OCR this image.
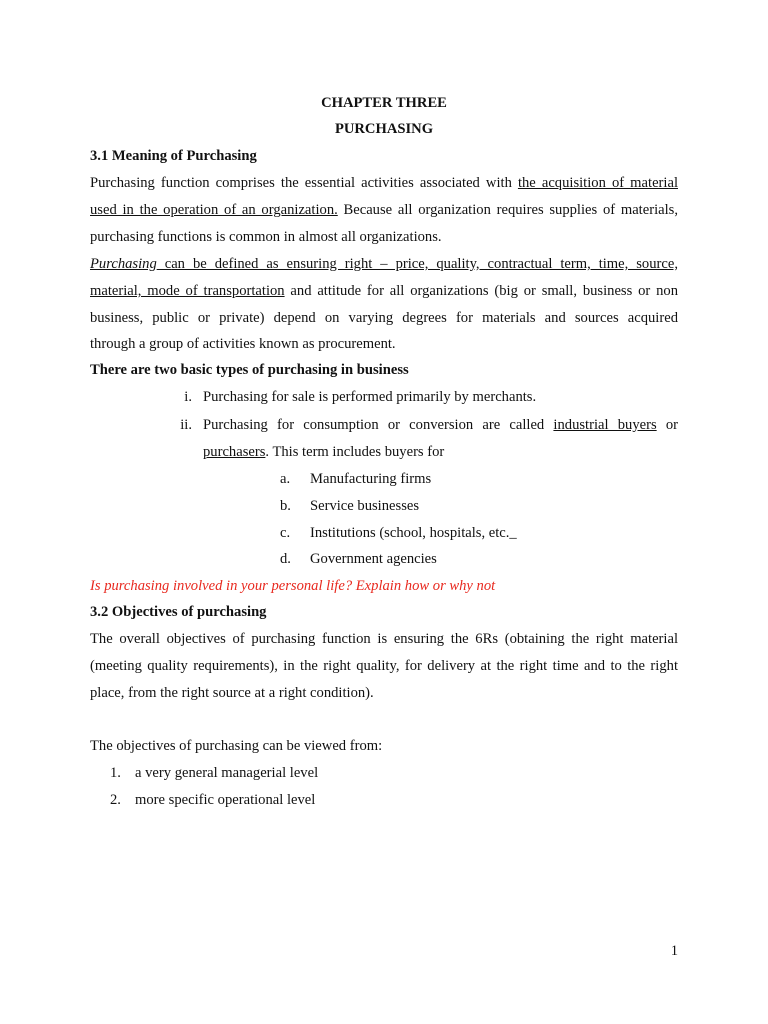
CHAPTER THREE
PURCHASING
3.1 Meaning of Purchasing
Purchasing function comprises the essential activities associated with the acquisition of material
used in the operation of an organization. Because all organization requires supplies of materials,
purchasing functions is common in almost all organizations.
Purchasing can be defined as ensuring right – price, quality, contractual term, time, source,
material, mode of transportation and attitude for all organizations (big or small, business or non
business, public or private) depend on varying degrees for materials and sources acquired
through a group of activities known as procurement.
There are two basic types of purchasing in business
i. Purchasing for sale is performed primarily by merchants.
ii. Purchasing for consumption or conversion are called industrial buyers or
purchasers. This term includes buyers for
a. Manufacturing firms
b. Service businesses
c. Institutions (school, hospitals, etc._
d. Government agencies
Is purchasing involved in your personal life? Explain how or why not
3.2 Objectives of purchasing
The overall objectives of purchasing function is ensuring the 6Rs (obtaining the right material
(meeting quality requirements), in the right quality, for delivery at the right time and to the right
place, from the right source at a right condition).
The objectives of purchasing can be viewed from:
1. a very general managerial level
2. more specific operational level
1
